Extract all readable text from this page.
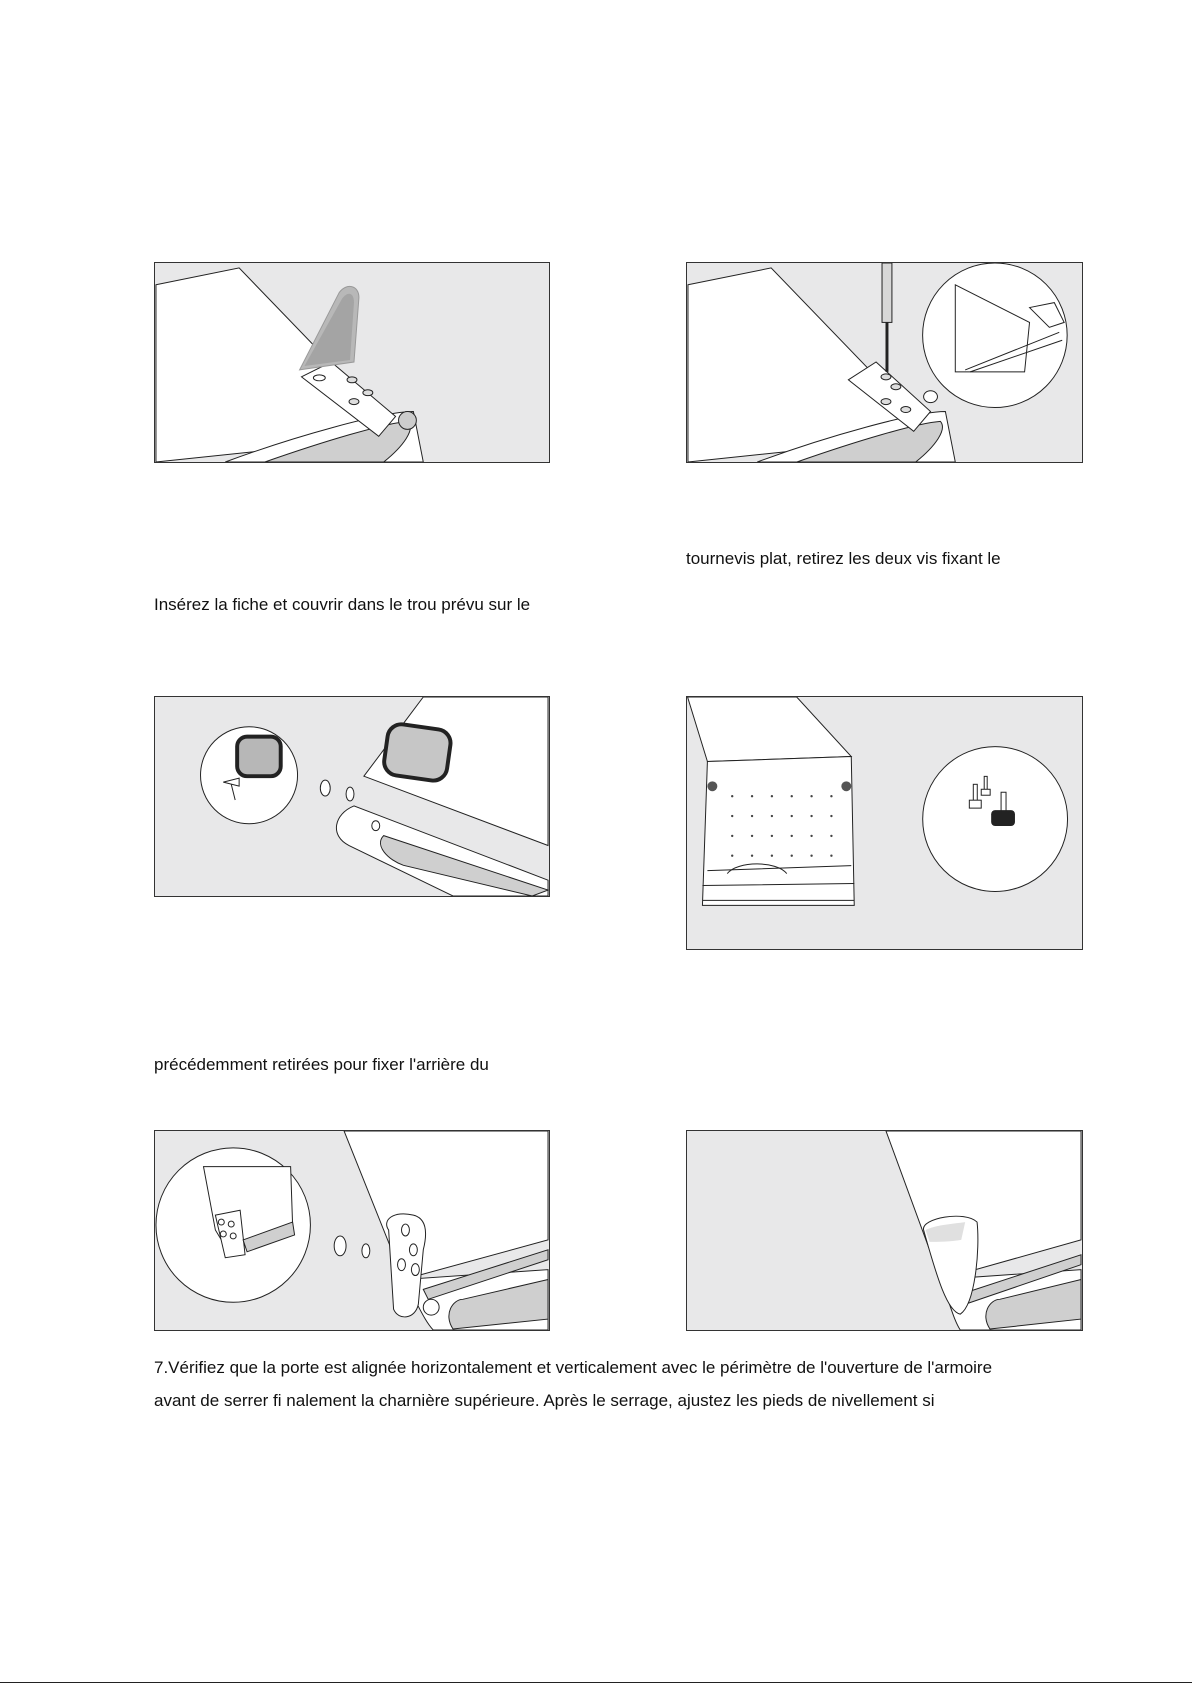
tournevis plat, retirez les deux vis fixant le
Insérez la fiche et couvrir dans le trou prévu sur le
précédemment retirées pour fixer l'arrière du
7.Vérifiez que la porte est alignée horizontalement et verticalement avec le périmètre de l'ouverture de l'armoire
avant de serrer fi nalement la charnière supérieure. Après le serrage, ajustez les pieds de nivellement si
